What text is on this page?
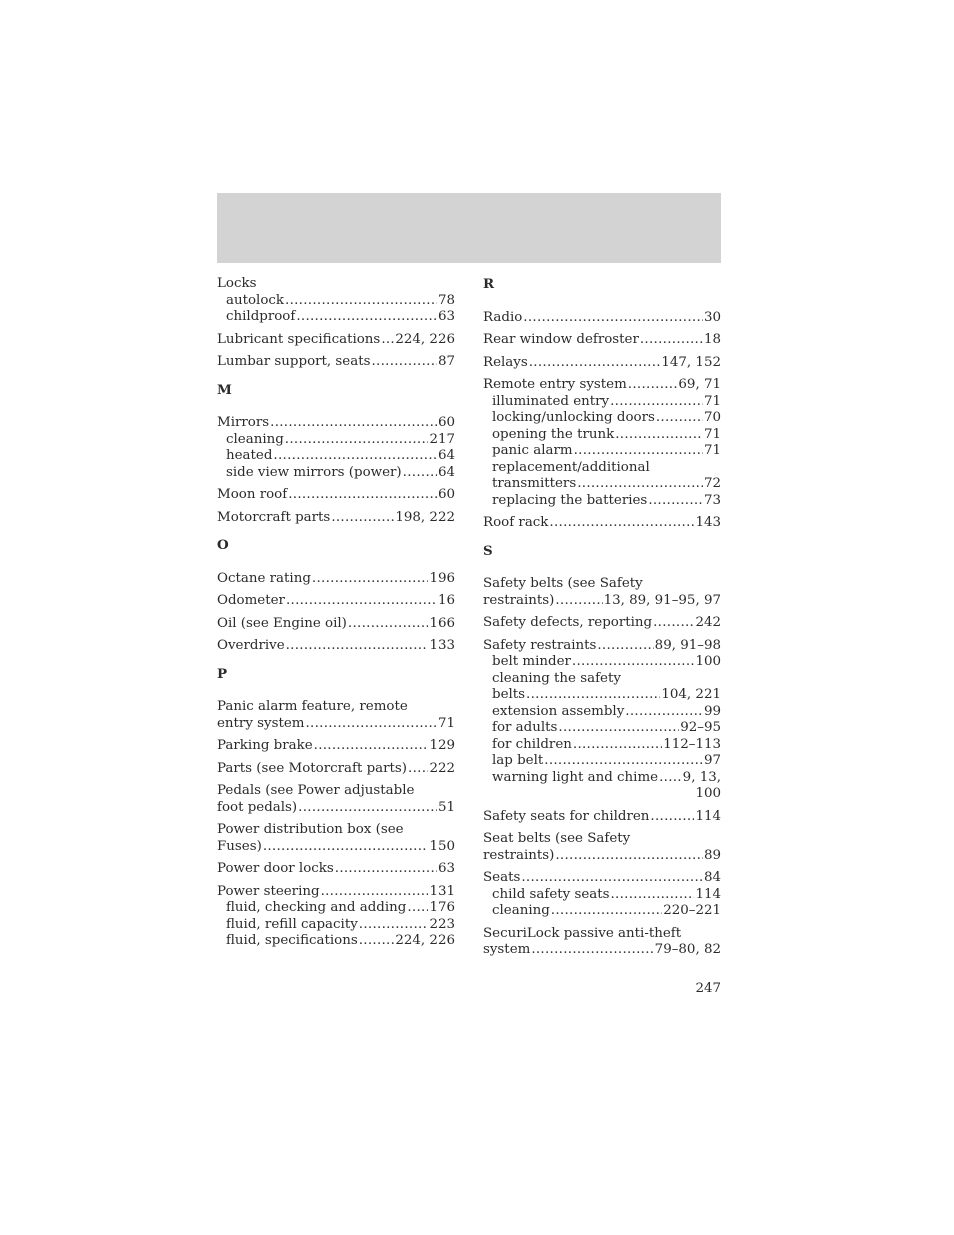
Locks
autolock .....	78
childproof .....	63
Lubricant specifications ..... 224, 226
Lumbar support, seats .....	87
M
Mirrors .....	60
cleaning .....	217
heated .....	64
side view mirrors (power) .....	64
Moon roof .....	60
Motorcraft parts .....	198, 222
O
Octane rating .....	196
Odometer .....	16
Oil (see Engine oil) .....	166
Overdrive .....	133
P
Panic alarm feature, remote
entry system .....	71
Parking brake .....	129
Parts (see Motorcraft parts) ..... 222
Pedals (see Power adjustable
foot pedals) .....	51
Power distribution box (see
Fuses) .....	150
Power door locks .....	63
Power steering .....	131
fluid, checking and adding ..... 176
fluid, refill capacity .....	223
fluid, specifications .....	224, 226
R
Radio .....	30
Rear window defroster .....	18
Relays .....	147, 152
Remote entry system .....	69, 71
illuminated entry .....	71
locking/unlocking doors .....	70
opening the trunk .....	71
panic alarm .....	71
replacement/additional
transmitters .....	72
replacing the batteries .....	73
Roof rack .....	143
S
Safety belts (see Safety
restraints) .....	13, 89, 91–95, 97
Safety defects, reporting .....	242
Safety restraints .....	89, 91–98
belt minder .....	100
cleaning the safety
belts .....	104, 221
extension assembly .....	99
for adults .....	92–95
for children .....	112–113
lap belt .....	97
warning light and chime ..... 9, 13,
100
Safety seats for children .....	114
Seat belts (see Safety
restraints) .....	89
Seats .....	84
child safety seats .....	114
cleaning .....	220–221
SecuriLock passive anti-theft
system .....	79–80, 82
247
